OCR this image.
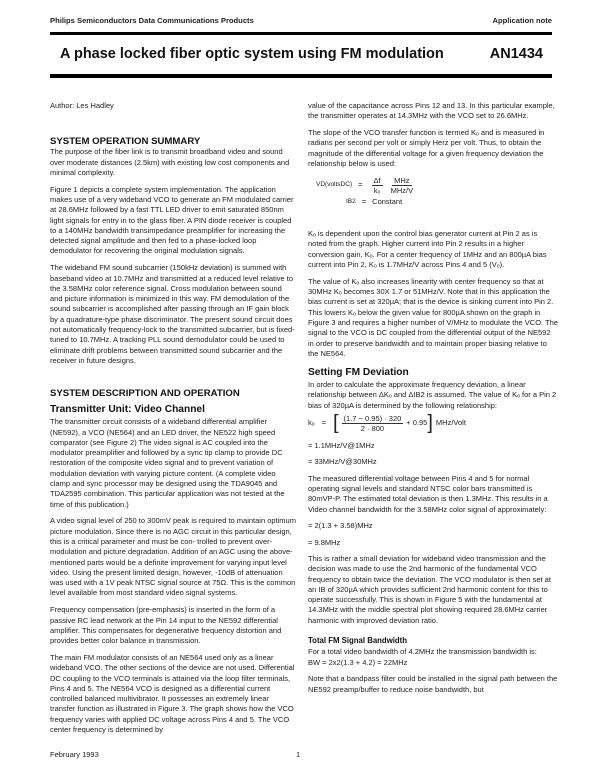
Philips Semiconductors Data Communications Products	Application note
A phase locked fiber optic system using FM modulation	AN1434

Author: Les Hadley

SYSTEM OPERATION SUMMARY

The purpose of the fiber link is to transmit broadband video and sound over moderate distances (2.5km) with existing low cost components and minimal complexity.

Figure 1 depicts a complete system implementation. The application makes use of a very wideband VCO to generate an FM modulated carrier at 28.6MHz followed by a fast TTL LED driver to emit saturated 850nm light signals for entry in to the glass fiber. A PIN diode receiver is coupled to a 140MHz bandwidth transimpedance preamplifier for increasing the detected signal amplitude and then fed to a phase-locked loop demodulator for recovering the original modulation signals.

The wideband FM sound subcarrier (150kHz deviation) is summed with baseband video at 10.7MHz and transmitted at a reduced level relative to the 3.58MHz color reference signal. Cross modulation between sound and picture information is minimized in this way. FM demodulation of the sound subcarrier is accomplished after passing through an IF gain block by a quadrature-type phase discriminator. The present sound circuit does not automatically frequency-lock to the transmitted subcarrier, but is fixed-tuned to 10.7MHz. A tracking PLL sound demodulator could be used to eliminate drift problems between transmitted sound subcarrier and the receiver in future designs.

SYSTEM DESCRIPTION AND OPERATION
Transmitter Unit: Video Channel

The transmitter circuit consists of a wideband differential amplifier (NE592), a VCO (NE564) and an LED driver, the NE522 high speed comparator (see Figure 2) The video signal is AC coupled into the modulator preamplifier and followed by a sync tip clamp to provide DC restoration of the composite video signal and to prevent variation of modulation deviation with varying picture content. (A complete video clamp and sync processor may be designed using the TDA9045 and TDA2595 combination. This particular application was not tested at the time of this publication.)

A video signal level of 250 to 300mV peak is required to maintain optimum picture modulation. Since there is no AGC circuit in this particular design, this is a critical parameter and must be con- trolled to prevent over-modulation and picture degradation. Addition of an AGC using the above-mentioned parts would be a definite improvement for varying input level video. Using the present limited design, however, -10dB of attenuation was used with a 1V peak NTSC signal source at 75Ω. This is the common level available from most standard video signal systems.

Frequency compensation (pre-emphasis) is inserted in the form of a passive RC lead network at the Pin 14 input to the NE592 differential amplifier. This compensates for degenerative frequency distortion and provides better color balance in transmission.

The main FM modulator consists of an NE564 used only as a linear wideband VCO. The other sections of the device are not used. Differential DC coupling to the VCO terminals is attained via the loop filter terminals, Pins 4 and 5. The NE564 VCO is designed as a differential current controlled balanced multivibrator. It possesses an extremely linear transfer function as illustrated in Figure 3. The graph shows how the VCO frequency varies with applied DC voltage across Pins 4 and 5. The VCO center frequency is determined by

value of the capacitance across Pins 12 and 13. In this particular example, the transmitter operates at 14.3MHz with the VCO set to 26.6MHz.

The slope of the VCO transfer function is termed Kₒ and is measured in radians per second per volt or simply Herz per volt. Thus, to obtain the magnitude of the differential voltage for a given frequency deviation the relationship below is used:

VD(voltsDC) = $\frac{\Delta f}{\text{kₒ}} \frac{\text{MHz}}{\text{MHz/V}}$
IB2 = Constant

Kₒ is dependent upon the control bias generator current at Pin 2 as is noted from the graph. Higher current into Pin 2 results in a higher conversion gain, Kₒ. For a center frequency of 1MHz and an 800µA bias current into Pin 2, Kₒ is 1.7MHz/V across Pins 4 and 5 (Vₒ).

The value of Kₒ also increases linearity with center frequency so that at 30MHz Kₒ becomes 30X 1.7 or 51MHz/V. Note that in this application the bias current is set at 320µA; that is the device is sinking current into Pin 2. This lowers Kₒ below the given value for 800µA shown on the graph in Figure 3 and requires a higher number of V/MHz to modulate the VCO. The signal to the VCO is DC coupled from the differential output of the NE592 in order to preserve bandwidth and to maintain proper biasing relative to the NE564.

Setting FM Deviation

In order to calculate the approximate frequency deviation, a linear relationship between ΔKₒ and ΔIB2 is assumed. The value of Kₒ for a Pin 2 bias of 320µA is determined by the following relationship:

kₒ = [ $\frac{(1.7 - 0.95) \cdot 320}{2 \cdot 800} + 0.95$ ] MHz/Volt

= 1.1MHz/V@1MHz

= 33MHz/V@30MHz

The measured differential voltage between Pins 4 and 5 for normal operating signal levels and standard NTSC color bars transmitted is 80mVP-P. The estimated total deviation is then 1.3MHz. This results in a Video channel bandwidth for the 3.58MHz color signal of approximately:

= 2(1.3 + 3.58)MHz

= 9.8MHz

This is rather a small deviation for wideband video transmission and the decision was made to use the 2nd harmonic of the fundamental VCO frequency to obtain twice the deviation. The VCO modulator is then set at an IB of 320µA which provides sufficient 2nd harmonic content for this to operate successfully. This is shown in Figure 5 with the fundamental at 14.3MHz with the middle spectral plot showing required 28.6MHz carrier harmonic with improved deviation ratio.

Total FM Signal Bandwidth

For a total video bandwidth of 4.2MHz the transmission bandwidth is:

BW = 2x2(1.3 + 4.2) = 22MHz

Note that a bandpass filter could be installed in the signal path between the NE592 preamp/buffer to reduce noise bandwidth, but

February 1993	1
